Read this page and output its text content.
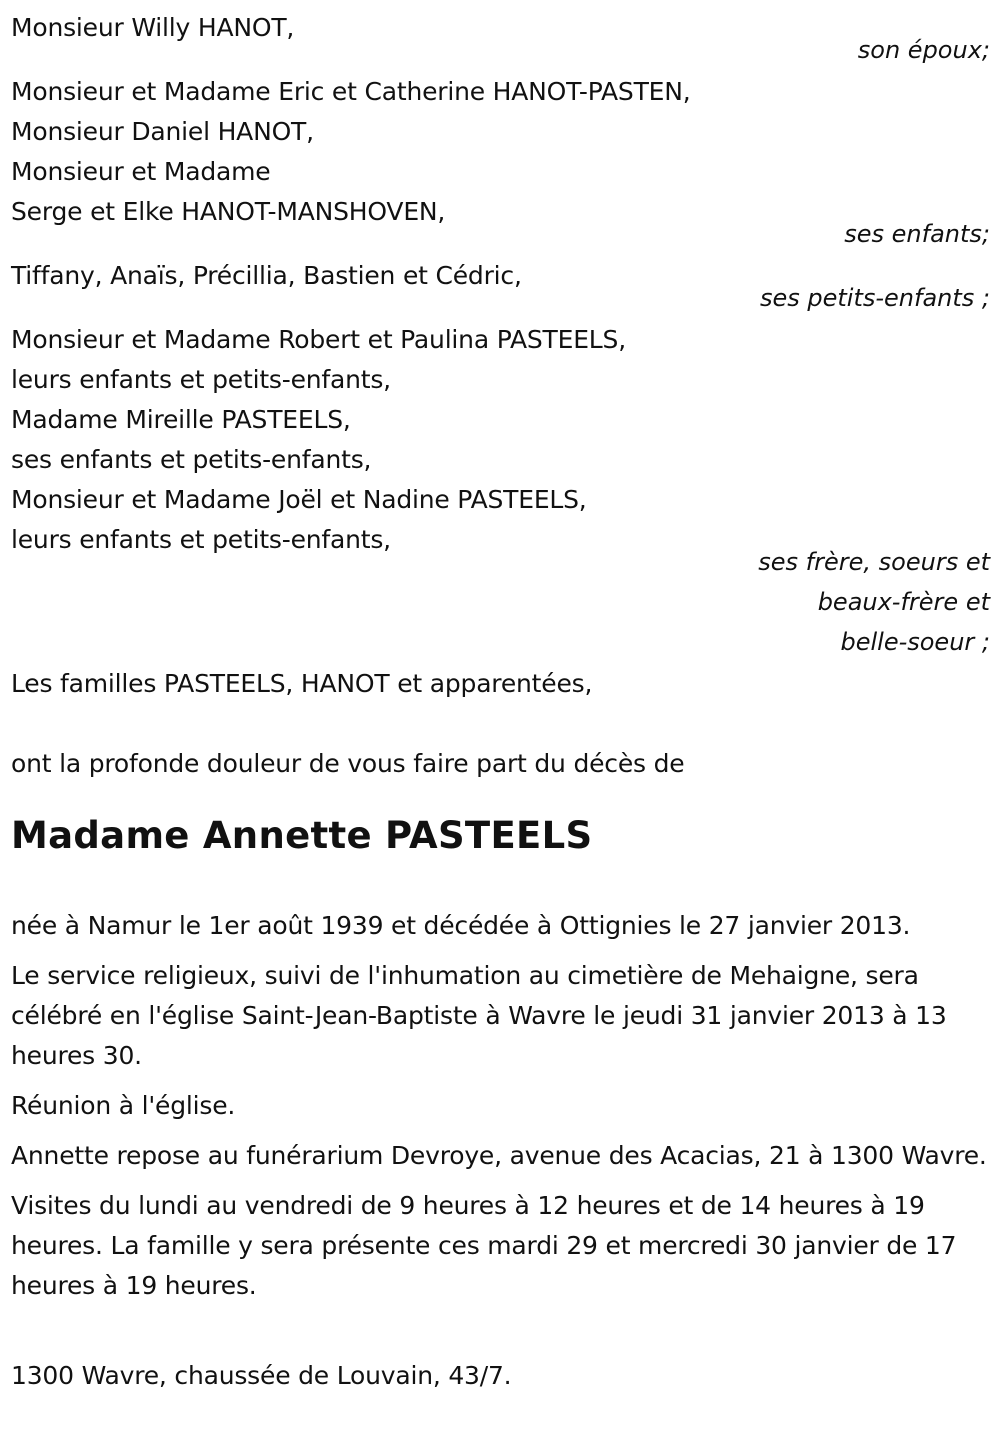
Monsieur Willy HANOT,
son époux;
Monsieur et Madame Eric et Catherine HANOT-PASTEN,
Monsieur Daniel HANOT,
Monsieur et Madame
Serge et Elke HANOT-MANSHOVEN,
ses enfants;
Tiffany, Anaïs, Précillia, Bastien et Cédric,
ses petits-enfants ;
Monsieur et Madame Robert et Paulina PASTEELS,
leurs enfants et petits-enfants,
Madame Mireille PASTEELS,
ses enfants et petits-enfants,
Monsieur et Madame Joël et Nadine PASTEELS,
leurs enfants et petits-enfants,
ses frère, soeurs et
beaux-frère et
belle-soeur ;
Les familles PASTEELS, HANOT et apparentées,
ont la profonde douleur de vous faire part du décès de
Madame Annette PASTEELS
née à Namur le 1er août 1939 et décédée à Ottignies le 27 janvier 2013.
Le service religieux, suivi de l'inhumation au cimetière de Mehaigne, sera célébré en l'église Saint-Jean-Baptiste à Wavre le jeudi 31 janvier 2013 à 13 heures 30.
Réunion à l'église.
Annette repose au funérarium Devroye, avenue des Acacias, 21 à 1300 Wavre.
Visites du lundi au vendredi de 9 heures à 12 heures et de 14 heures à 19 heures. La famille y sera présente ces mardi 29 et mercredi 30 janvier de 17 heures à 19 heures.
1300 Wavre, chaussée de Louvain, 43/7.
